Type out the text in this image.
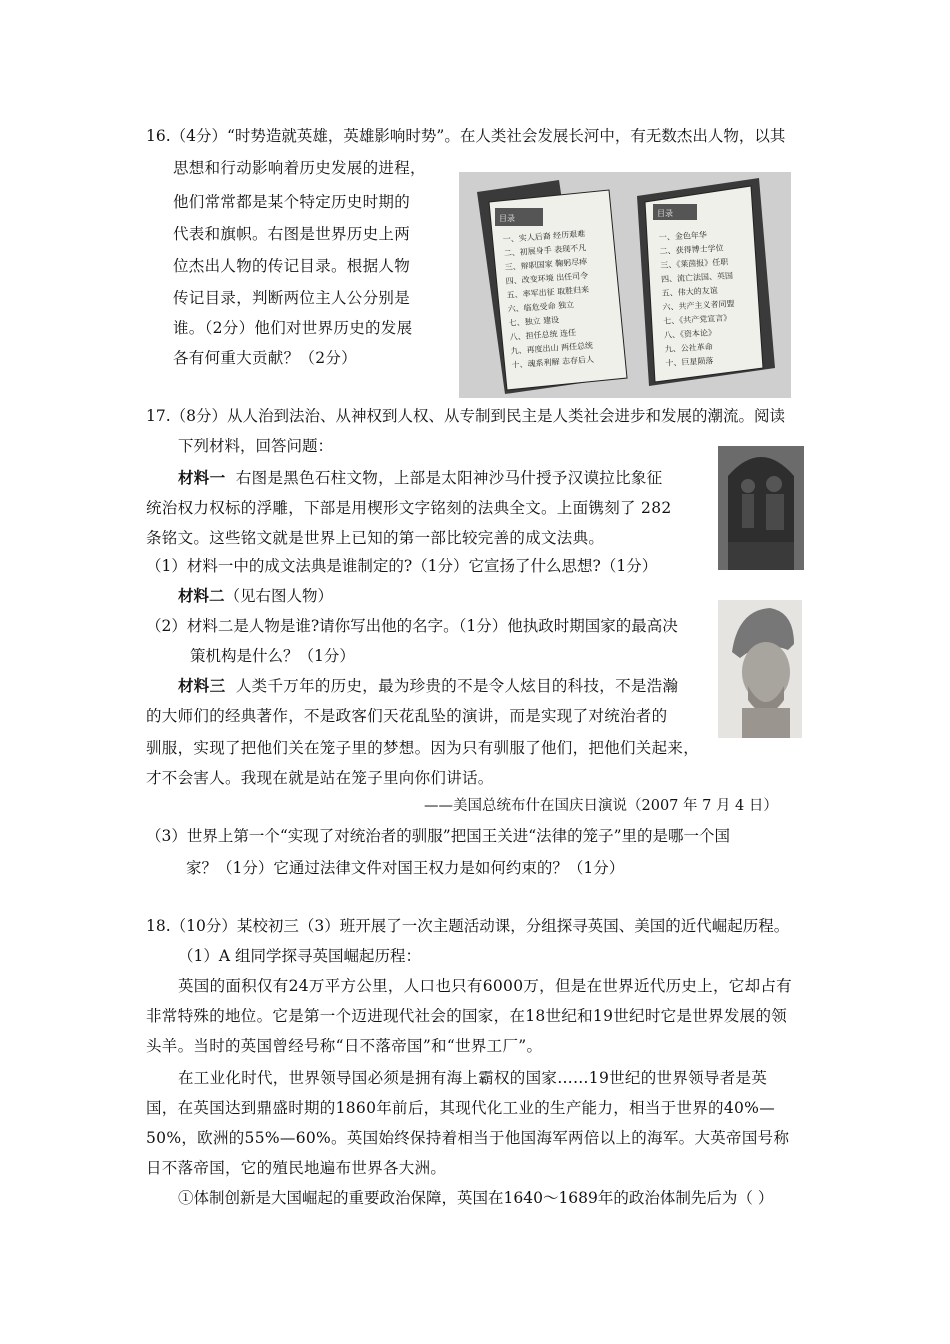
16.（4分）“时势造就英雄，英雄影响时势”。在人类社会发展长河中，有无数杰出人物，以其
思想和行动影响着历史发展的进程，
他们常常都是某个特定历史时期的
代表和旗帜。右图是世界历史上两
位杰出人物的传记目录。根据人物
传记目录，判断两位主人公分别是
谁。（2分）他们对世界历史的发展
各有何重大贡献？（2分）
目录
目录
一、实人后裔 经历艰难
二、初展身手 表现不凡
三、辩职国家 鞠躬尽瘁
四、改变环境 出任司令
五、率军出征 取胜归来
六、临危受命 独立
七、独立 建设
八、担任总统 连任
九、再度出山 两任总统
十、魂系利解 志存后人
一、金色年华
二、获得博士学位
三、《莱茵报》任职
四、流亡法国、英国
五、伟大的友谊
六、共产主义者同盟
七、《共产党宣言》
八、《资本论》
九、公社革命
十、巨星陨落
17.（8分）从人治到法治、从神权到人权、从专制到民主是人类社会进步和发展的潮流。阅读
下列材料，回答问题：
材料一 右图是黑色石柱文物，上部是太阳神沙马什授予汉谟拉比象征
统治权力权标的浮雕，下部是用楔形文字铭刻的法典全文。上面镌刻了 282
条铭文。这些铭文就是世界上已知的第一部比较完善的成文法典。
（1）材料一中的成文法典是谁制定的?（1分）它宣扬了什么思想?（1分）
材料二（见右图人物）
（2）材料二是人物是谁?请你写出他的名字。（1分）他执政时期国家的最高决
策机构是什么？（1分）
材料三 人类千万年的历史，最为珍贵的不是令人炫目的科技，不是浩瀚
的大师们的经典著作，不是政客们天花乱坠的演讲，而是实现了对统治者的
驯服，实现了把他们关在笼子里的梦想。因为只有驯服了他们，把他们关起来，
才不会害人。我现在就是站在笼子里向你们讲话。
——美国总统布什在国庆日演说（2007 年 7 月 4 日）
（3）世界上第一个“实现了对统治者的驯服”把国王关进“法律的笼子”里的是哪一个国
家？（1分）它通过法律文件对国王权力是如何约束的？（1分）
18.（10分）某校初三（3）班开展了一次主题活动课，分组探寻英国、美国的近代崛起历程。
（1）A 组同学探寻英国崛起历程：
英国的面积仅有24万平方公里，人口也只有6000万，但是在世界近代历史上，它却占有
非常特殊的地位。它是第一个迈进现代社会的国家，在18世纪和19世纪时它是世界发展的领
头羊。当时的英国曾经号称“日不落帝国”和“世界工厂”。
在工业化时代，世界领导国必须是拥有海上霸权的国家……19世纪的世界领导者是英
国，在英国达到鼎盛时期的1860年前后，其现代化工业的生产能力，相当于世界的40%—
50%，欧洲的55%—60%。英国始终保持着相当于他国海军两倍以上的海军。大英帝国号称
日不落帝国，它的殖民地遍布世界各大洲。
①体制创新是大国崛起的重要政治保障，英国在1640～1689年的政治体制先后为（ ）
